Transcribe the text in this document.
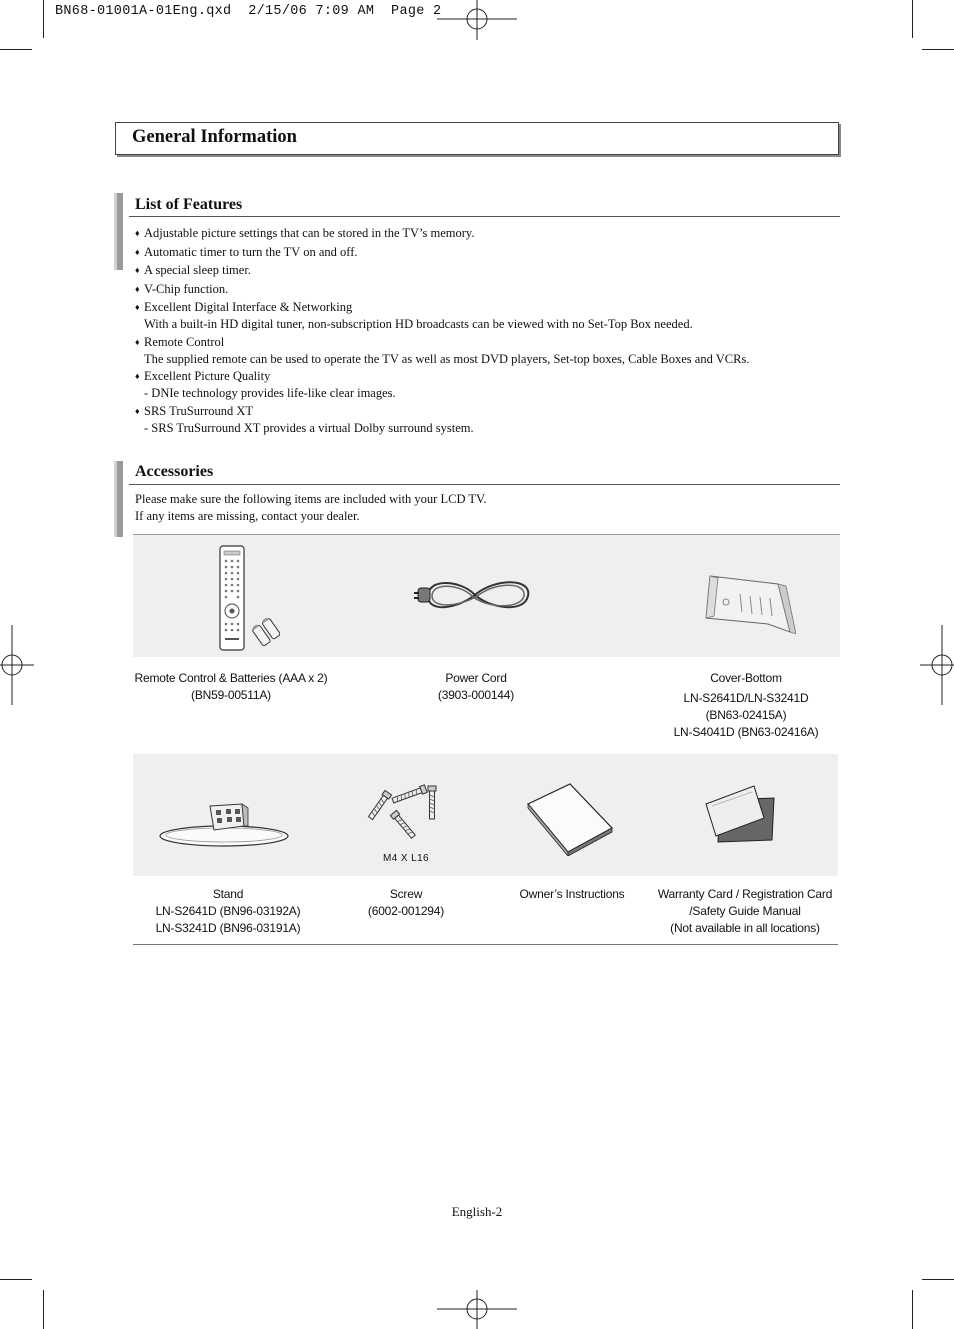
BN68-01001A-01Eng.qxd  2/15/06 7:09 AM  Page 2
General Information
List of Features
♦ Adjustable picture settings that can be stored in the TV’s memory.
♦ Automatic timer to turn the TV on and off.
♦ A special sleep timer.
♦ V-Chip function.
♦ Excellent Digital Interface & Networking
With a built-in HD digital tuner, non-subscription HD broadcasts can be viewed with no Set-Top Box needed.
♦ Remote Control
The supplied remote can be used to operate the TV as well as most DVD players, Set-top boxes, Cable Boxes and VCRs.
♦ Excellent Picture Quality
- DNIe technology provides life-like clear images.
♦ SRS TruSurround XT
- SRS TruSurround XT provides a virtual Dolby surround system.
Accessories
Please make sure the following items are included with your LCD TV.
If any items are missing, contact your dealer.
Remote Control & Batteries (AAA x 2)
(BN59-00511A)
Power Cord
(3903-000144)
Cover-Bottom
LN-S2641D/LN-S3241D
(BN63-02415A)
LN-S4041D (BN63-02416A)
M4 X L16
Stand
LN-S2641D (BN96-03192A)
LN-S3241D (BN96-03191A)
Screw
(6002-001294)
Owner’s Instructions	Warranty Card / Registration Card
/Safety Guide Manual
(Not available in all locations)
English-2
